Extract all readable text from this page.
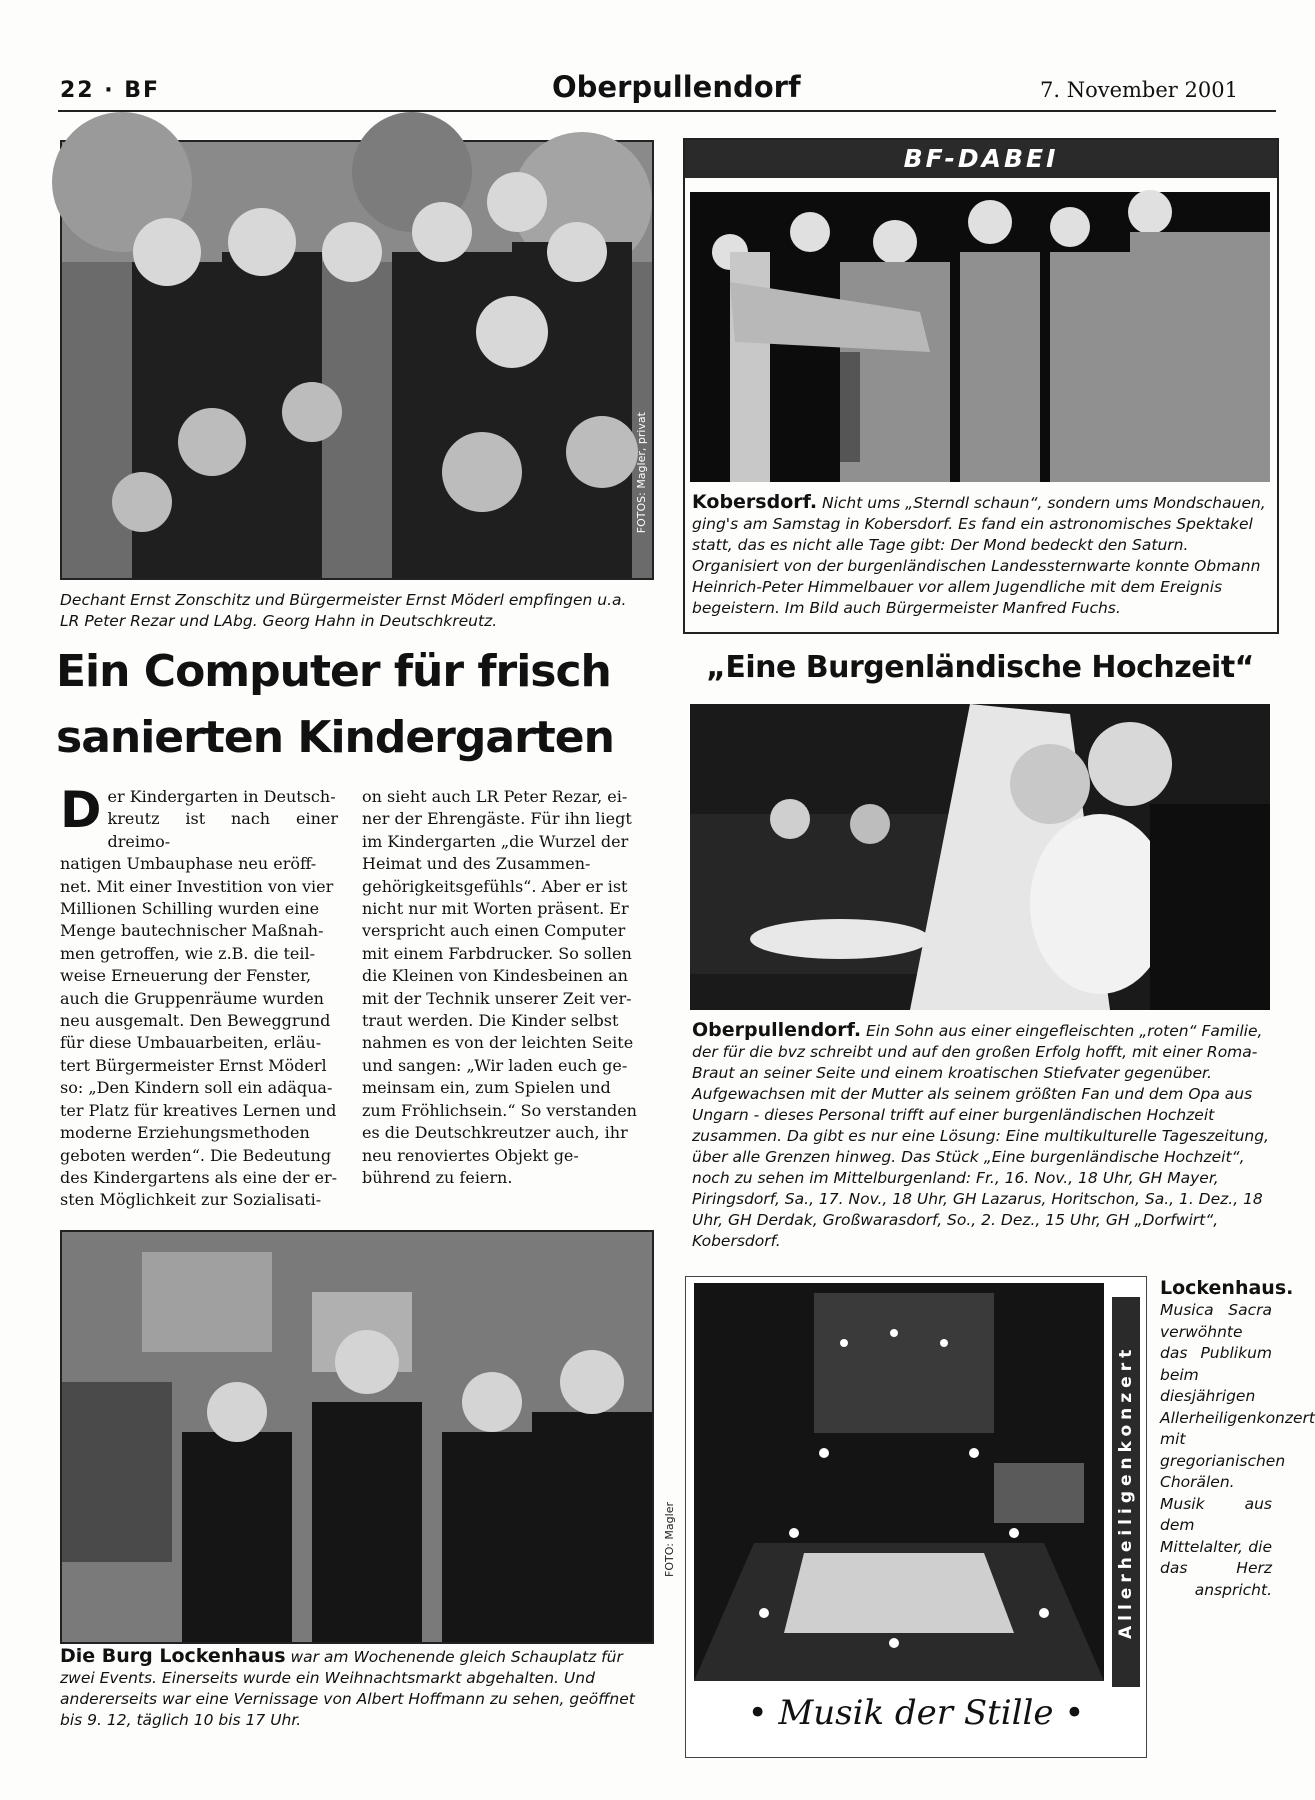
22 · BF	Oberpullendorf	7. November 2001
FOTOS: Magler, privat
Dechant Ernst Zonschitz und Bürgermeister Ernst Möderl empfingen u.a. LR Peter Rezar und LAbg. Georg Hahn in Deutschkreutz.
Ein Computer für frisch
sanierten Kindergarten
D er Kindergarten in Deutsch-
kreutz ist nach einer dreimo-
natigen Umbauphase neu eröff-
net. Mit einer Investition von vier
Millionen Schilling wurden eine
Menge bautechnischer Maßnah-
men getroffen, wie z.B. die teil-
weise Erneuerung der Fenster,
auch die Gruppenräume wurden
neu ausgemalt. Den Beweggrund
für diese Umbauarbeiten, erläu-
tert Bürgermeister Ernst Möderl
so: „Den Kindern soll ein adäqua-
ter Platz für kreatives Lernen und
moderne Erziehungsmethoden
geboten werden“. Die Bedeutung
des Kindergartens als eine der er-
sten Möglichkeit zur Sozialisati-

on sieht auch LR Peter Rezar, ei-
ner der Ehrengäste. Für ihn liegt
im Kindergarten „die Wurzel der
Heimat und des Zusammen-
gehörigkeitsgefühls“. Aber er ist
nicht nur mit Worten präsent. Er
verspricht auch einen Computer
mit einem Farbdrucker. So sollen
die Kleinen von Kindesbeinen an
mit der Technik unserer Zeit ver-
traut werden. Die Kinder selbst
nahmen es von der leichten Seite
und sangen: „Wir laden euch ge-
meinsam ein, zum Spielen und
zum Fröhlichsein.“ So verstanden
es die Deutschkreutzer auch, ihr
neu renoviertes Objekt ge-
bührend zu feiern.

FOTO: Magler
Die Burg Lockenhaus war am Wochenende gleich Schauplatz für zwei Events. Einerseits wurde ein Weihnachtsmarkt abgehalten. Und andererseits war eine Vernissage von Albert Hoffmann zu sehen, geöffnet bis 9. 12, täglich 10 bis 17 Uhr.
BF-DABEI
Kobersdorf. Nicht ums „Sterndl schaun“, sondern ums Mondschauen, ging's am Samstag in Kobersdorf. Es fand ein astronomisches Spektakel statt, das es nicht alle Tage gibt: Der Mond bedeckt den Saturn. Organisiert von der burgenländischen Landessternwarte konnte Obmann Heinrich-Peter Himmelbauer vor allem Jugendliche mit dem Ereignis begeistern. Im Bild auch Bürgermeister Manfred Fuchs.
„Eine Burgenländische Hochzeit“
Oberpullendorf. Ein Sohn aus einer eingefleischten „roten“ Familie, der für die bvz schreibt und auf den großen Erfolg hofft, mit einer Roma-Braut an seiner Seite und einem kroatischen Stiefvater gegenüber. Aufgewachsen mit der Mutter als seinem größten Fan und dem Opa aus Ungarn - dieses Personal trifft auf einer burgenländischen Hochzeit zusammen. Da gibt es nur eine Lösung: Eine multikulturelle Tageszeitung, über alle Grenzen hinweg. Das Stück „Eine burgenländische Hochzeit“, noch zu sehen im Mittelburgenland: Fr., 16. Nov., 18 Uhr, GH Mayer, Piringsdorf, Sa., 17. Nov., 18 Uhr, GH Lazarus, Horitschon, Sa., 1. Dez., 18 Uhr, GH Derdak, Großwarasdorf, So., 2. Dez., 15 Uhr, GH „Dorfwirt“, Kobersdorf.
Allerheiligenkonzert
• Musik der Stille •
Lockenhaus.
Musica Sacra verwöhnte das Publikum beim diesjährigen Allerheiligenkonzert mit gregorianischen Chorälen. Musik aus dem Mittelalter, die das Herz anspricht.
